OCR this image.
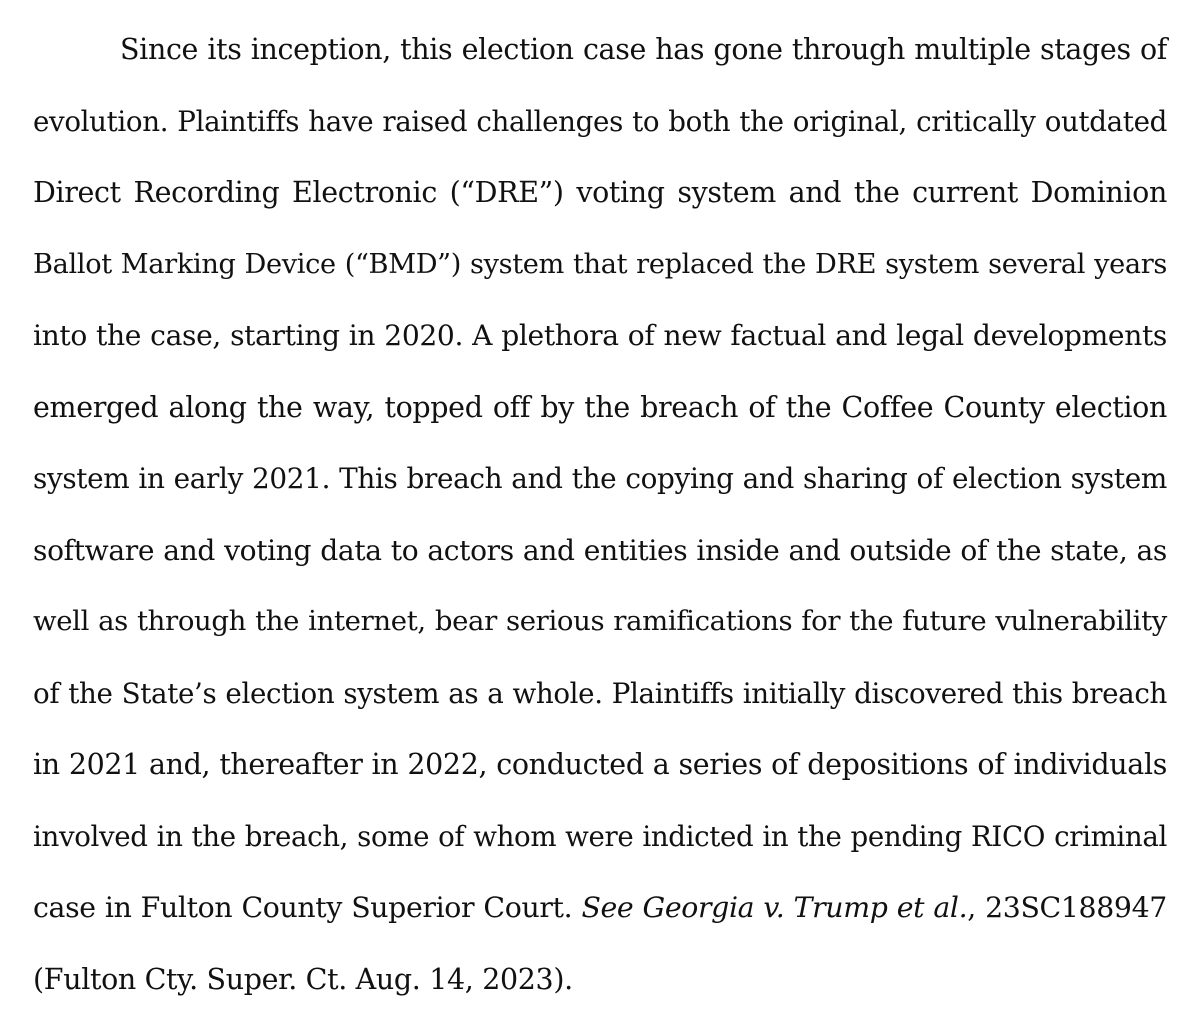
Since its inception, this election case has gone through multiple stages of
evolution. Plaintiffs have raised challenges to both the original, critically outdated
Direct Recording Electronic (“DRE”) voting system and the current Dominion
Ballot Marking Device (“BMD”) system that replaced the DRE system several years
into the case, starting in 2020. A plethora of new factual and legal developments
emerged along the way, topped off by the breach of the Coffee County election
system in early 2021. This breach and the copying and sharing of election system
software and voting data to actors and entities inside and outside of the state, as
well as through the internet, bear serious ramifications for the future vulnerability
of the State’s election system as a whole. Plaintiffs initially discovered this breach
in 2021 and, thereafter in 2022, conducted a series of depositions of individuals
involved in the breach, some of whom were indicted in the pending RICO criminal
case in Fulton County Superior Court. See Georgia v. Trump et al., 23SC188947
(Fulton Cty. Super. Ct. Aug. 14, 2023).
